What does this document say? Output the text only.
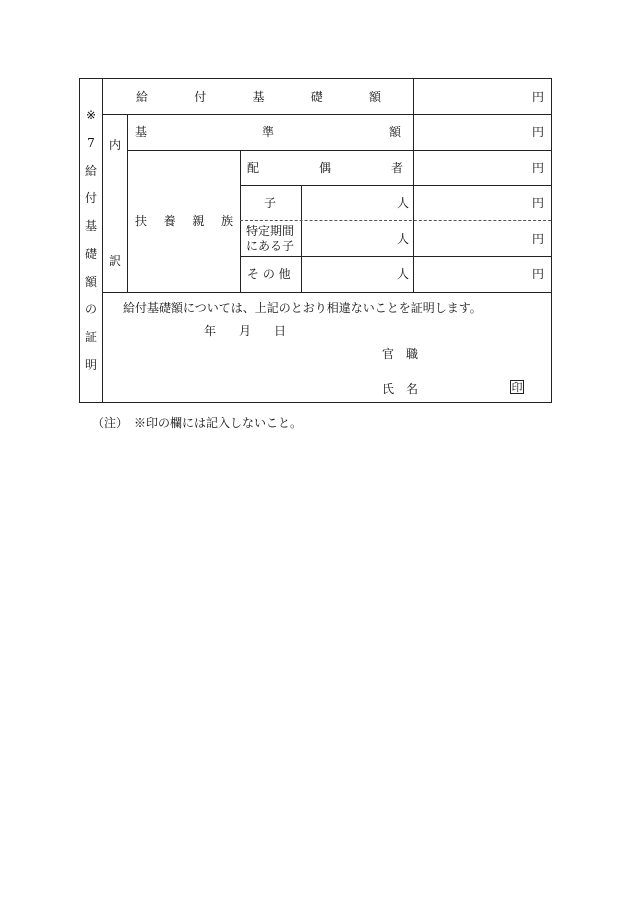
※
7
給
付
基
礎
額
の
証
明
給	付	基	礎	額	円
内
訳
基	準	額	円
扶 養 親 族
配	偶	者	円
子	人	円
特定期間
にある子	人	円
そ の 他	人	円
給付基礎額については、上記のとおり相違ないことを証明します。
年 月 日
官 職
氏 名	印
（注）　※印の欄には記入しないこと。
